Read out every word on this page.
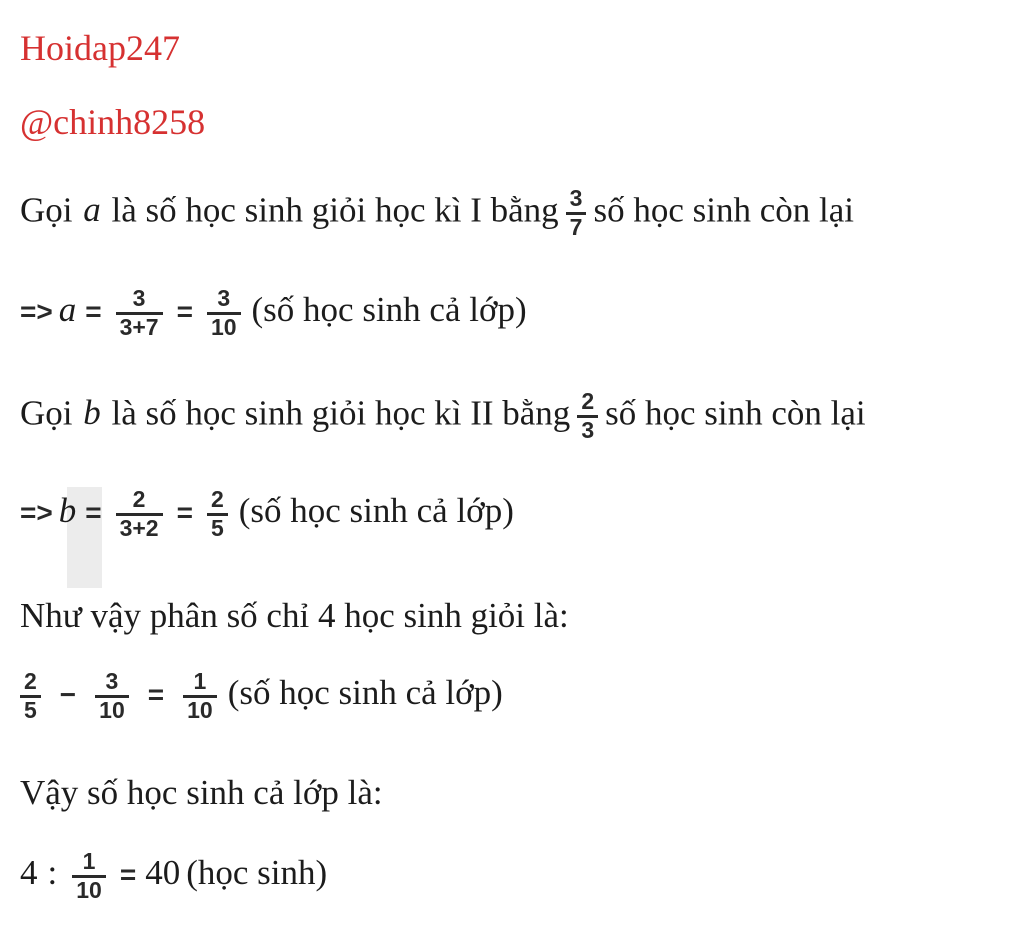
Hoidap247
@chinh8258
Gọi a là số học sinh giỏi học kì I bằng $\frac{3}{7}$ số học sinh còn lại
=> $a = \frac{3}{3+7} = \frac{3}{10}$ (số học sinh cả lớp)
Gọi b là số học sinh giỏi học kì II bằng $\frac{2}{3}$ số học sinh còn lại
=> $b = \frac{2}{3+2} = \frac{2}{5}$ (số học sinh cả lớp)
Như vậy phân số chỉ 4 học sinh giỏi là:
$\frac{2}{5} - \frac{3}{10} = \frac{1}{10}$ (số học sinh cả lớp)
Vậy số học sinh cả lớp là:
4 : $\frac{1}{10} = 40$ (học sinh)
